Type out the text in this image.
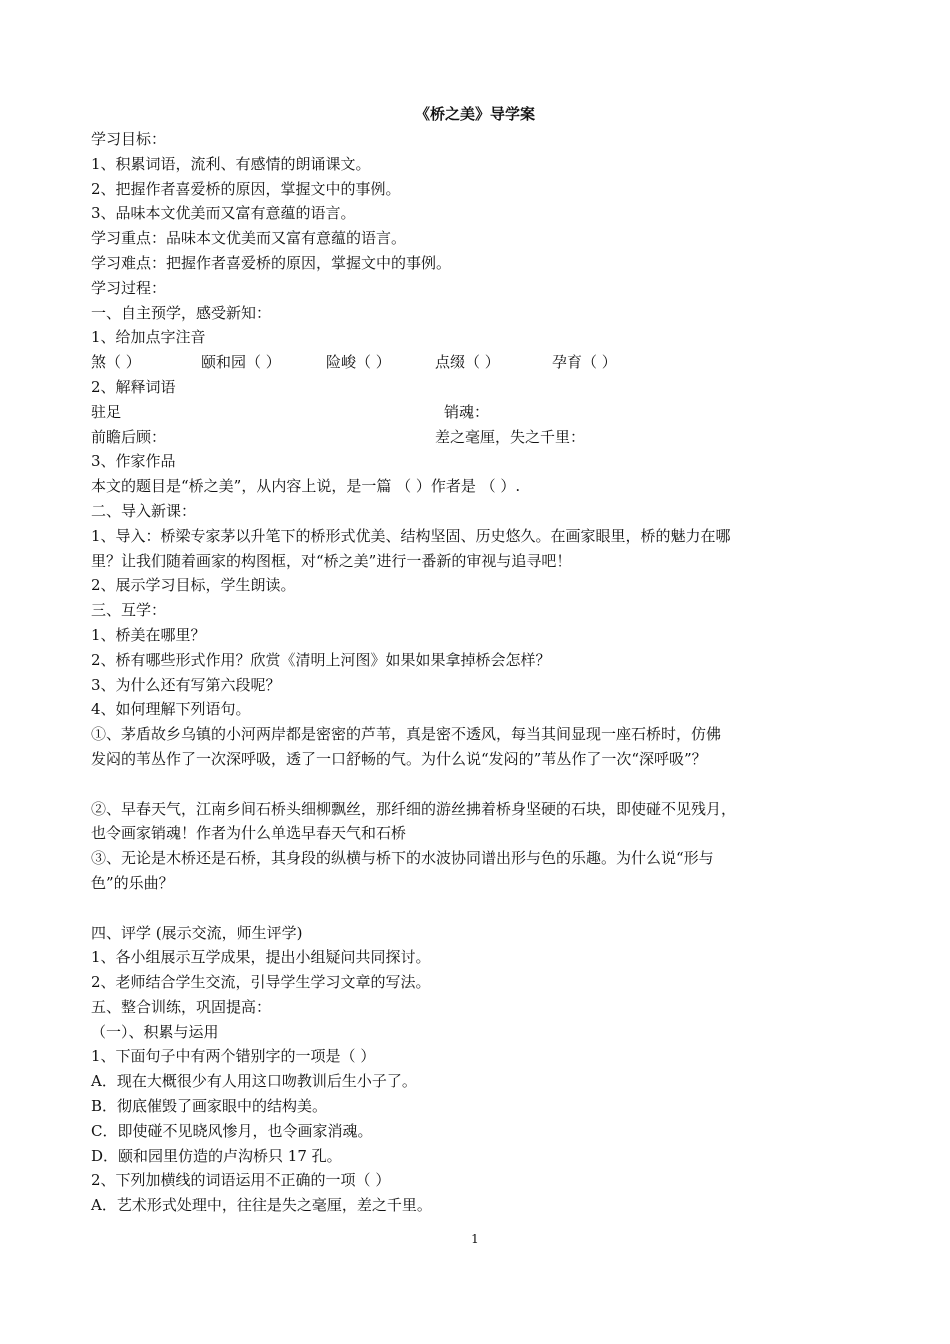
《桥之美》导学案
学习目标：
1、积累词语，流利、有感情的朗诵课文。
2、把握作者喜爱桥的原因，掌握文中的事例。
3、品味本文优美而又富有意蕴的语言。
学习重点：品味本文优美而又富有意蕴的语言。
学习难点：把握作者喜爱桥的原因，掌握文中的事例。
学习过程：
一、自主预学，感受新知：
1、给加点字注音
煞（ ）	颐和园（ ）	险峻（ ）	点缀（ ）	孕育（ ）
2、解释词语
驻足	销魂：
前瞻后顾：	差之毫厘，失之千里：
3、作家作品
本文的题目是“桥之美”，从内容上说，是一篇 （ ）作者是 （ ）.
二、导入新课：
1、导入：桥梁专家茅以升笔下的桥形式优美、结构坚固、历史悠久。在画家眼里，桥的魅力在哪
里？让我们随着画家的构图框，对“桥之美”进行一番新的审视与追寻吧！
2、展示学习目标，学生朗读。
三、互学：
1、桥美在哪里？
2、桥有哪些形式作用？欣赏《清明上河图》如果如果拿掉桥会怎样？
3、为什么还有写第六段呢？
4、如何理解下列语句。
①、茅盾故乡乌镇的小河两岸都是密密的芦苇，真是密不透风，每当其间显现一座石桥时，仿佛
发闷的苇丛作了一次深呼吸，透了一口舒畅的气。为什么说“发闷的”苇丛作了一次“深呼吸”？
②、早春天气，江南乡间石桥头细柳飘丝，那纤细的游丝拂着桥身坚硬的石块，即使碰不见残月，
也令画家销魂！作者为什么单选早春天气和石桥
③、无论是木桥还是石桥，其身段的纵横与桥下的水波协同谱出形与色的乐趣。为什么说“形与
色”的乐曲？
四、评学 (展示交流，师生评学)
1、各小组展示互学成果，提出小组疑问共同探讨。
2、老师结合学生交流，引导学生学习文章的写法。
五、整合训练，巩固提高：
（一）、积累与运用
1、下面句子中有两个错别字的一项是（ ）
A．现在大概很少有人用这口吻教训后生小子了。
B．彻底催毁了画家眼中的结构美。
C．即使碰不见晓风惨月，也令画家消魂。
D．颐和园里仿造的卢沟桥只 17 孔。
2、下列加横线的词语运用不正确的一项（ ）
A．艺术形式处理中，往往是失之毫厘，差之千里。
1
